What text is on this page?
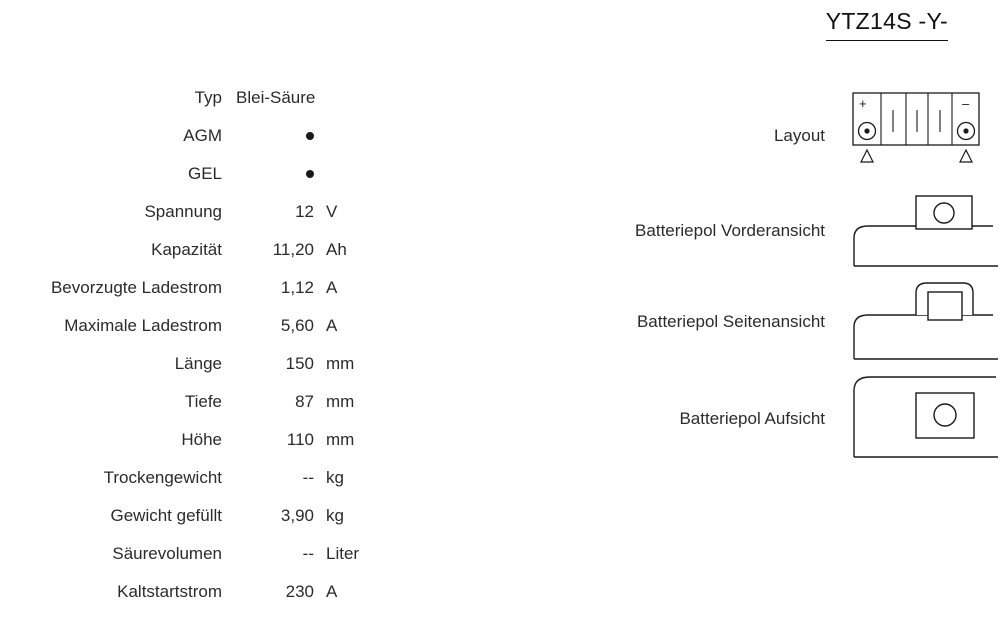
YTZ14S -Y-
Typ Blei-Säure
AGM
GEL
Spannung	12 V
Kapazität	11,20 Ah
Bevorzugte Ladestrom	1,12 A
Maximale Ladestrom	5,60 A
Länge	150 mm
Tiefe	87 mm
Höhe	110 mm
Trockengewicht	-- kg
Gewicht gefüllt	3,90 kg
Säurevolumen	-- Liter
Kaltstartstrom	230 A
Layout
+	–
Batteriepol Vorderansicht
Batteriepol Seitenansicht
Batteriepol Aufsicht
